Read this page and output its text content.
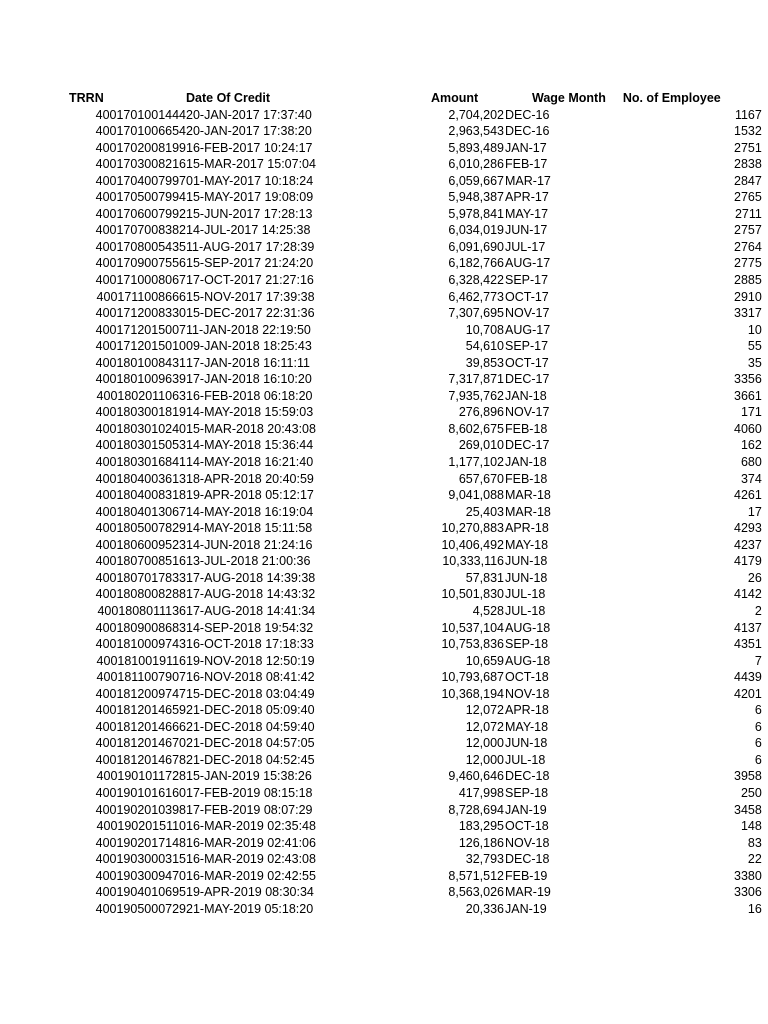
TRRN	Date Of Credit	Amount	Wage Month	No. of Employee
4001701001444	20-JAN-2017 17:37:40	2,704,202	DEC-16	1167
4001701006654	20-JAN-2017 17:38:20	2,963,543	DEC-16	1532
4001702008199	16-FEB-2017 10:24:17	5,893,489	JAN-17	2751
4001703008216	15-MAR-2017 15:07:04	6,010,286	FEB-17	2838
4001704007997	01-MAY-2017 10:18:24	6,059,667	MAR-17	2847
4001705007994	15-MAY-2017 19:08:09	5,948,387	APR-17	2765
4001706007992	15-JUN-2017 17:28:13	5,978,841	MAY-17	2711
4001707008382	14-JUL-2017 14:25:38	6,034,019	JUN-17	2757
4001708005435	11-AUG-2017 17:28:39	6,091,690	JUL-17	2764
4001709007556	15-SEP-2017 21:24:20	6,182,766	AUG-17	2775
4001710008067	17-OCT-2017 21:27:16	6,328,422	SEP-17	2885
4001711008666	15-NOV-2017 17:39:38	6,462,773	OCT-17	2910
4001712008330	15-DEC-2017 22:31:36	7,307,695	NOV-17	3317
4001712015007	11-JAN-2018 22:19:50	10,708	AUG-17	10
4001712015010	09-JAN-2018 18:25:43	54,610	SEP-17	55
4001801008431	17-JAN-2018 16:11:11	39,853	OCT-17	35
4001801009639	17-JAN-2018 16:10:20	7,317,871	DEC-17	3356
4001802011063	16-FEB-2018 06:18:20	7,935,762	JAN-18	3661
4001803001819	14-MAY-2018 15:59:03	276,896	NOV-17	171
4001803010240	15-MAR-2018 20:43:08	8,602,675	FEB-18	4060
4001803015053	14-MAY-2018 15:36:44	269,010	DEC-17	162
4001803016841	14-MAY-2018 16:21:40	1,177,102	JAN-18	680
4001804003613	18-APR-2018 20:40:59	657,670	FEB-18	374
4001804008318	19-APR-2018 05:12:17	9,041,088	MAR-18	4261
4001804013067	14-MAY-2018 16:19:04	25,403	MAR-18	17
4001805007829	14-MAY-2018 15:11:58	10,270,883	APR-18	4293
4001806009523	14-JUN-2018 21:24:16	10,406,492	MAY-18	4237
4001807008516	13-JUL-2018 21:00:36	10,333,116	JUN-18	4179
4001807017833	17-AUG-2018 14:39:38	57,831	JUN-18	26
4001808008288	17-AUG-2018 14:43:32	10,501,830	JUL-18	4142
4001808011136	17-AUG-2018 14:41:34	4,528	JUL-18	2
4001809008683	14-SEP-2018 19:54:32	10,537,104	AUG-18	4137
4001810009743	16-OCT-2018 17:18:33	10,753,836	SEP-18	4351
4001810019116	19-NOV-2018 12:50:19	10,659	AUG-18	7
4001811007907	16-NOV-2018 08:41:42	10,793,687	OCT-18	4439
4001812009747	15-DEC-2018 03:04:49	10,368,194	NOV-18	4201
4001812014659	21-DEC-2018 05:09:40	12,072	APR-18	6
4001812014666	21-DEC-2018 04:59:40	12,072	MAY-18	6
4001812014670	21-DEC-2018 04:57:05	12,000	JUN-18	6
4001812014678	21-DEC-2018 04:52:45	12,000	JUL-18	6
4001901011728	15-JAN-2019 15:38:26	9,460,646	DEC-18	3958
4001901016160	17-FEB-2019 08:15:18	417,998	SEP-18	250
4001902010398	17-FEB-2019 08:07:29	8,728,694	JAN-19	3458
4001902015110	16-MAR-2019 02:35:48	183,295	OCT-18	148
4001902017148	16-MAR-2019 02:41:06	126,186	NOV-18	83
4001903000315	16-MAR-2019 02:43:08	32,793	DEC-18	22
4001903009470	16-MAR-2019 02:42:55	8,571,512	FEB-19	3380
4001904010695	19-APR-2019 08:30:34	8,563,026	MAR-19	3306
4001905000729	21-MAY-2019 05:18:20	20,336	JAN-19	16
